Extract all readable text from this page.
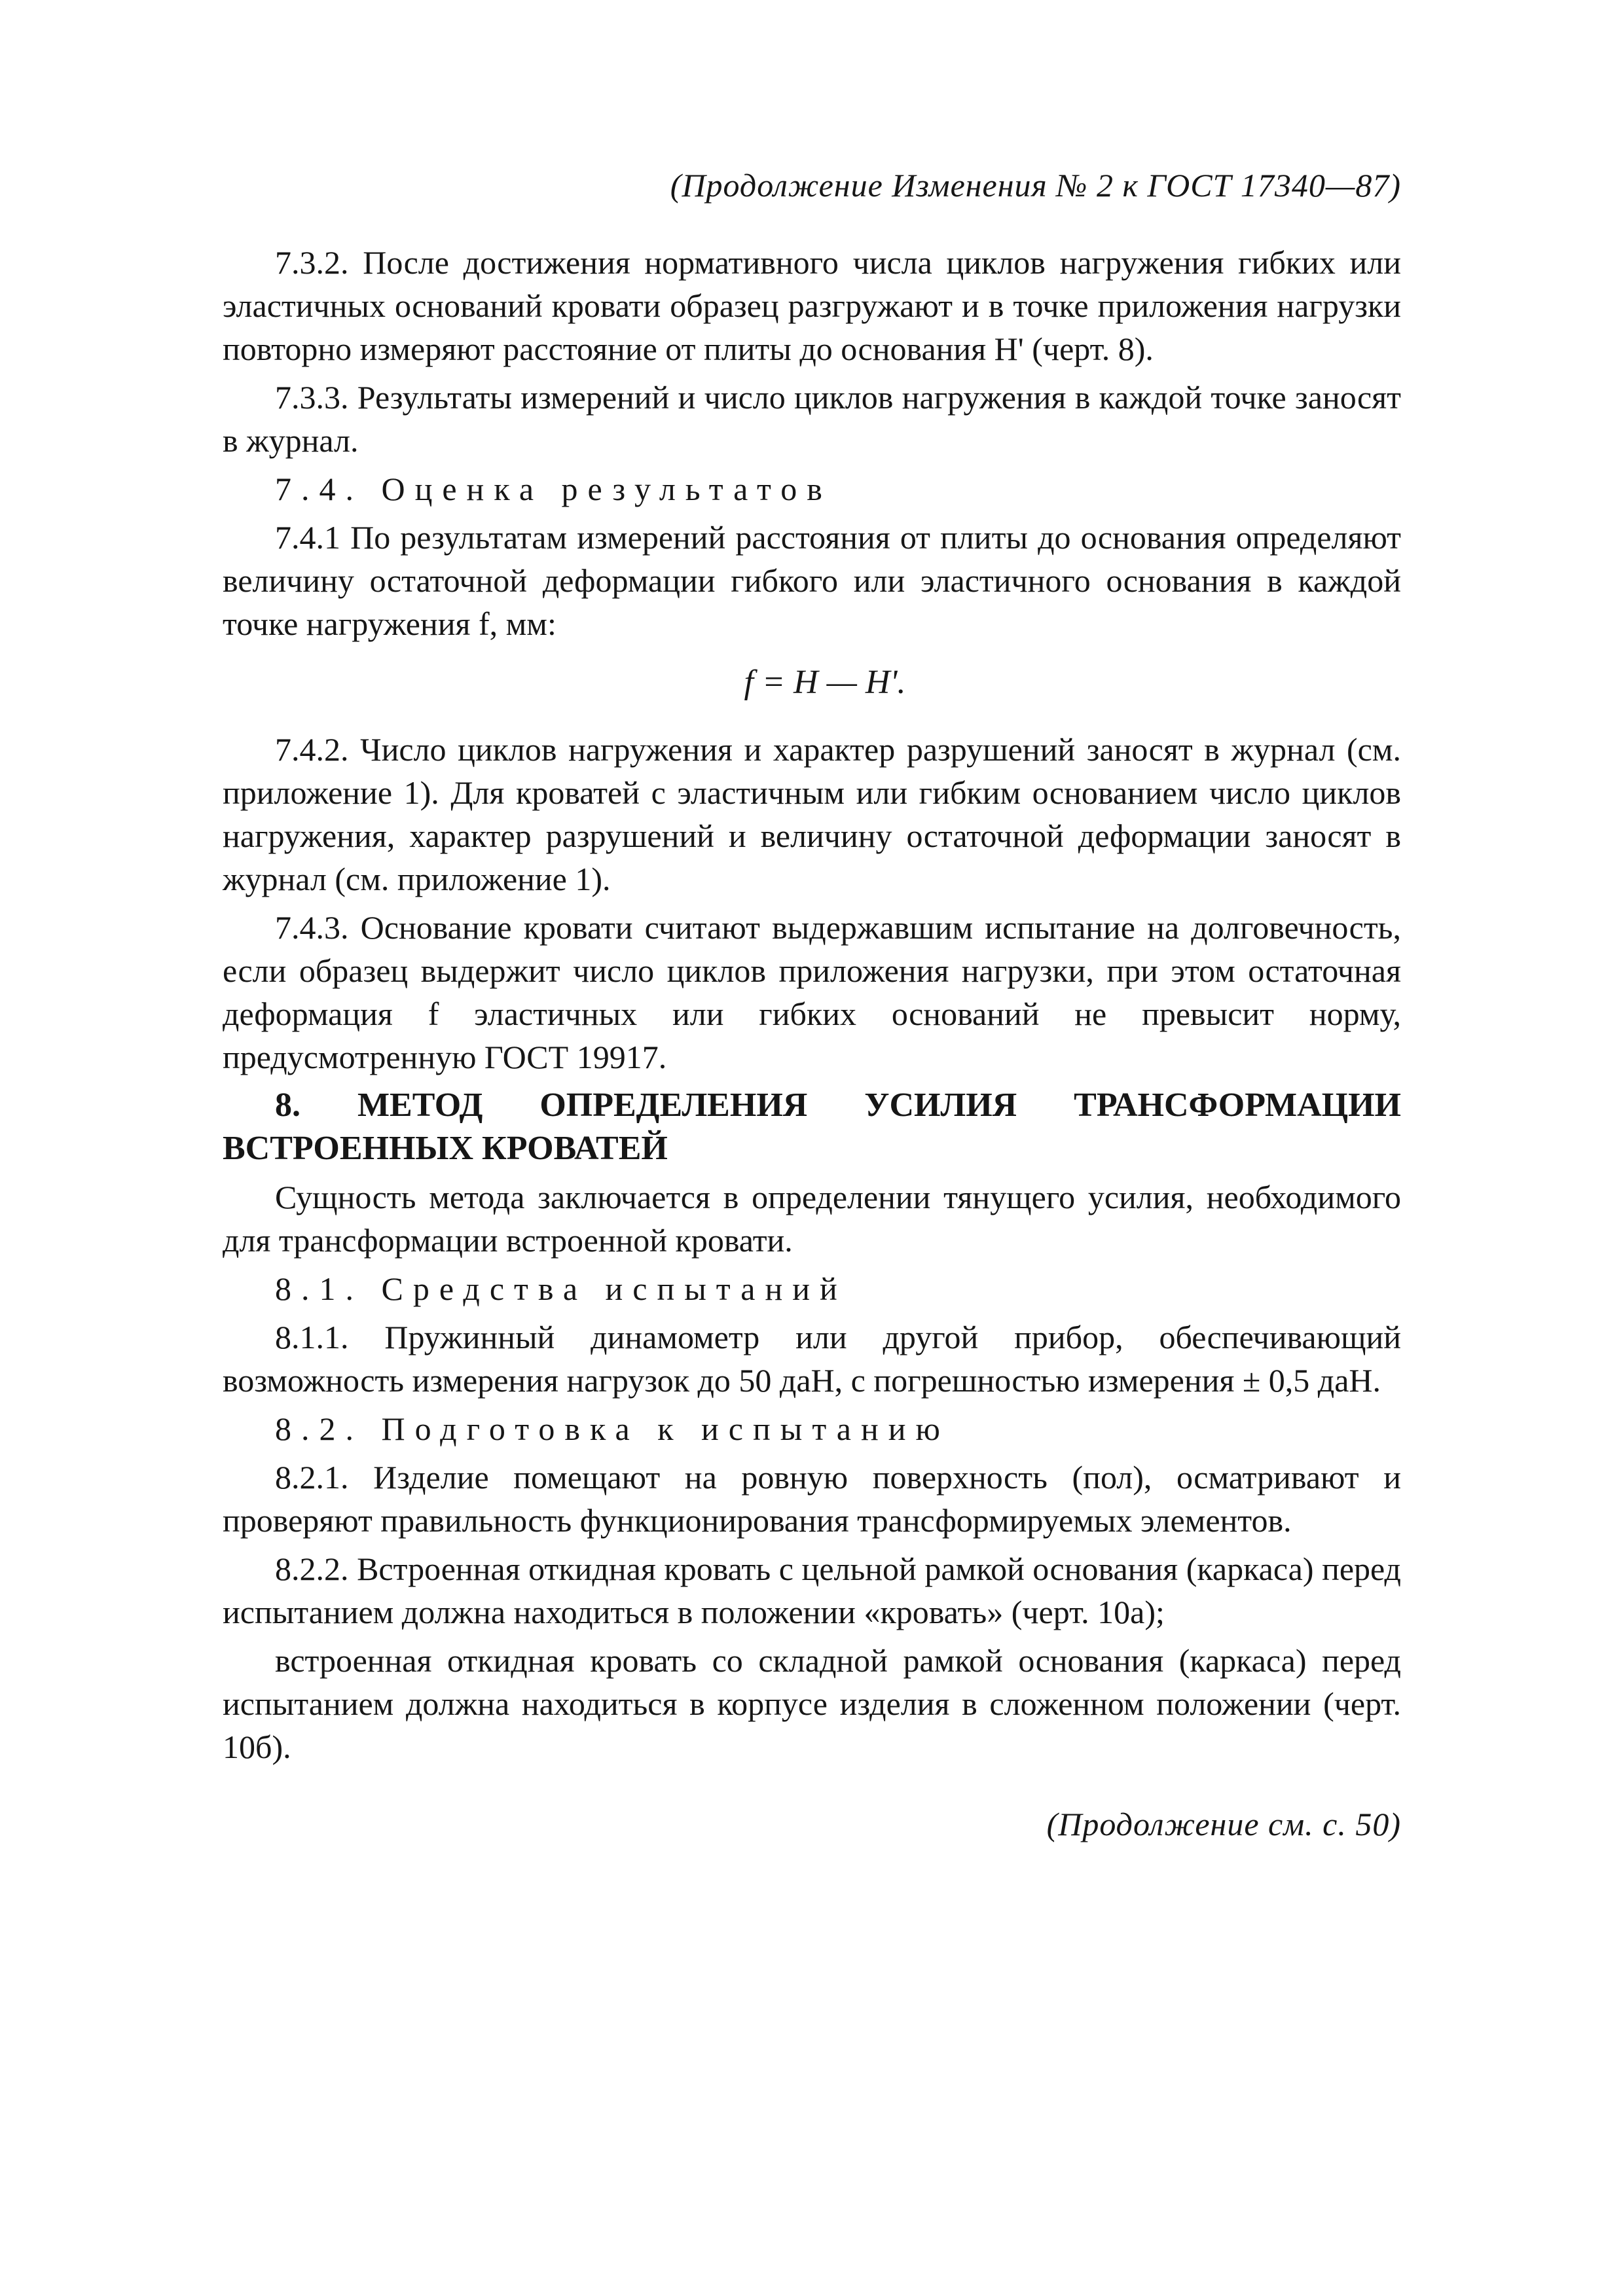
(Продолжение Изменения № 2 к ГОСТ 17340—87)

7.3.2. После достижения нормативного числа циклов нагружения гибких или эластичных оснований кровати образец разгружают и в точке приложения нагрузки повторно измеряют расстояние от плиты до основания H' (черт. 8).

7.3.3. Результаты измерений и число циклов нагружения в каждой точке заносят в журнал.

7.4. Оценка результатов

7.4.1 По результатам измерений расстояния от плиты до основания определяют величину остаточной деформации гибкого или эластичного основания в каждой точке нагружения f, мм:

f = H — H'.

7.4.2. Число циклов нагружения и характер разрушений заносят в журнал (см. приложение 1). Для кроватей с эластичным или гибким основанием число циклов нагружения, характер разрушений и величину остаточной деформации заносят в журнал (см. приложение 1).

7.4.3. Основание кровати считают выдержавшим испытание на долговечность, если образец выдержит число циклов приложения нагрузки, при этом остаточная деформация f эластичных или гибких оснований не превысит норму, предусмотренную ГОСТ 19917.

8. МЕТОД ОПРЕДЕЛЕНИЯ УСИЛИЯ ТРАНСФОРМАЦИИ ВСТРОЕННЫХ КРОВАТЕЙ

Сущность метода заключается в определении тянущего усилия, необходимого для трансформации встроенной кровати.

8.1. Средства испытаний

8.1.1. Пружинный динамометр или другой прибор, обеспечивающий возможность измерения нагрузок до 50 даН, с погрешностью измерения ± 0,5 даН.

8.2. Подготовка к испытанию

8.2.1. Изделие помещают на ровную поверхность (пол), осматривают и проверяют правильность функционирования трансформируемых элементов.

8.2.2. Встроенная откидная кровать с цельной рамкой основания (каркаса) перед испытанием должна находиться в положении «кровать» (черт. 10а);

встроенная откидная кровать со складной рамкой основания (каркаса) перед испытанием должна находиться в корпусе изделия в сложенном положении (черт. 10б).

(Продолжение см. с. 50)
